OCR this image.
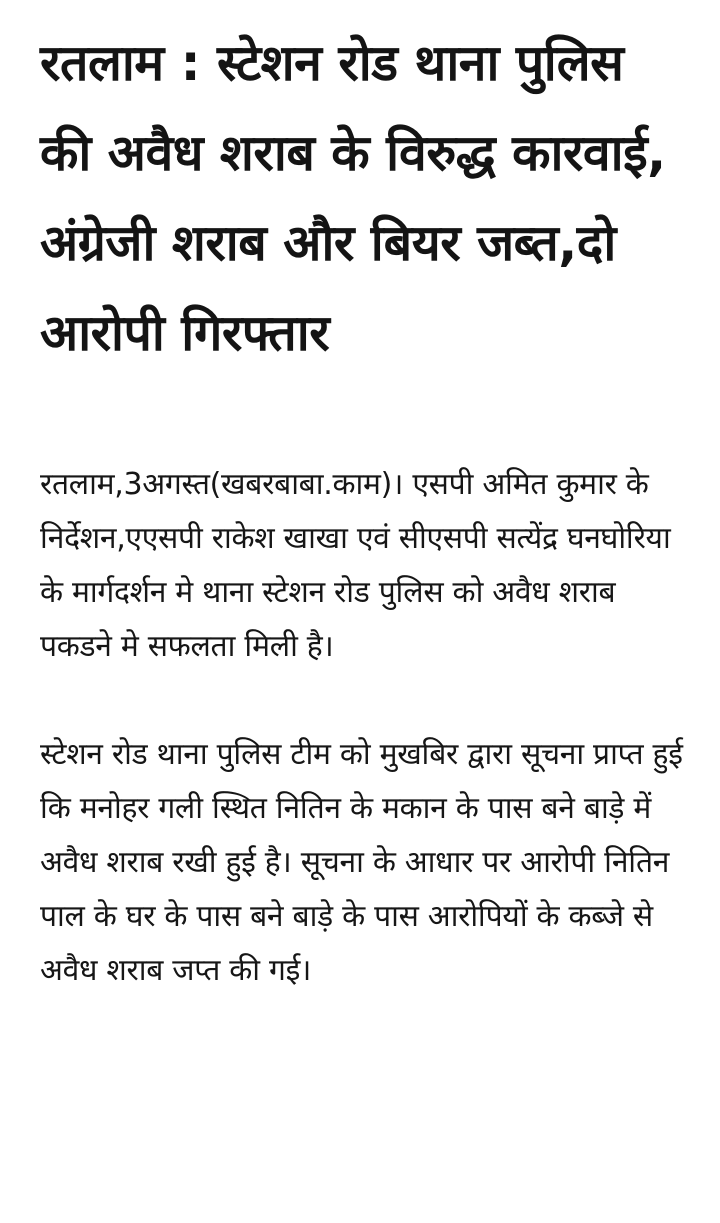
रतलाम : स्टेशन रोड थाना पुलिस की अवैध शराब के विरुद्ध कारवाई, अंग्रेजी शराब और बियर जब्त,दो आरोपी गिरफ्तार

रतलाम,3अगस्त(खबरबाबा.काम)। एसपी अमित कुमार के निर्देशन,एएसपी राकेश खाखा एवं सीएसपी सत्येंद्र घनघोरिया के मार्गदर्शन मे थाना स्टेशन रोड पुलिस को अवैध शराब पकडने मे सफलता मिली है।

स्टेशन रोड थाना पुलिस टीम को मुखबिर द्वारा सूचना प्राप्त हुई कि मनोहर गली स्थित नितिन के मकान के पास बने बाड़े में अवैध शराब रखी हुई है। सूचना के आधार पर आरोपी नितिन पाल के घर के पास बने बाड़े के पास आरोपियों के कब्जे से अवैध शराब जप्त की गई।
